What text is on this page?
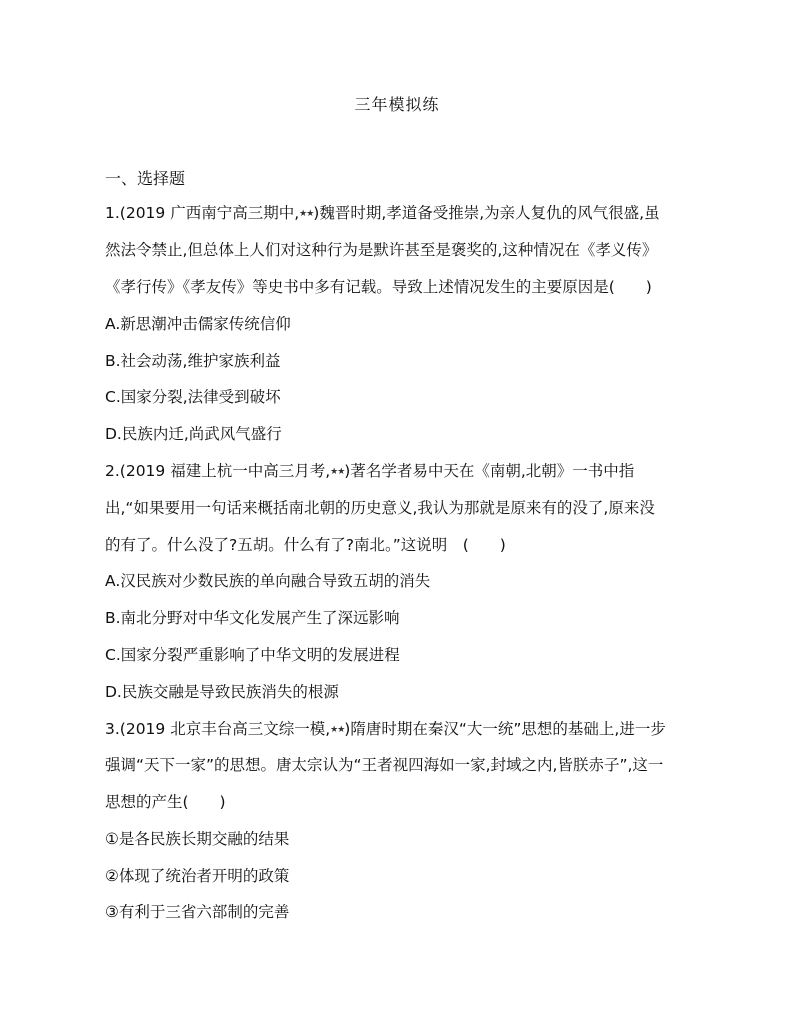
三年模拟练
一、选择题
1.(2019 广西南宁高三期中,★★)魏晋时期,孝道备受推崇,为亲人复仇的风气很盛,虽
然法令禁止,但总体上人们对这种行为是默许甚至是褒奖的,这种情况在《孝义传》
《孝行传》《孝友传》等史书中多有记载。导致上述情况发生的主要原因是(　　)
A.新思潮冲击儒家传统信仰
B.社会动荡,维护家族利益
C.国家分裂,法律受到破坏
D.民族内迁,尚武风气盛行
2.(2019 福建上杭一中高三月考,★★)著名学者易中天在《南朝,北朝》一书中指
出,“如果要用一句话来概括南北朝的历史意义,我认为那就是原来有的没了,原来没
的有了。什么没了?五胡。什么有了?南北。”这说明　(　　)
A.汉民族对少数民族的单向融合导致五胡的消失
B.南北分野对中华文化发展产生了深远影响
C.国家分裂严重影响了中华文明的发展进程
D.民族交融是导致民族消失的根源
3.(2019 北京丰台高三文综一模,★★)隋唐时期在秦汉“大一统”思想的基础上,进一步
强调“天下一家”的思想。唐太宗认为“王者视四海如一家,封域之内,皆朕赤子”,这一
思想的产生(　　)
①是各民族长期交融的结果
②体现了统治者开明的政策
③有利于三省六部制的完善
